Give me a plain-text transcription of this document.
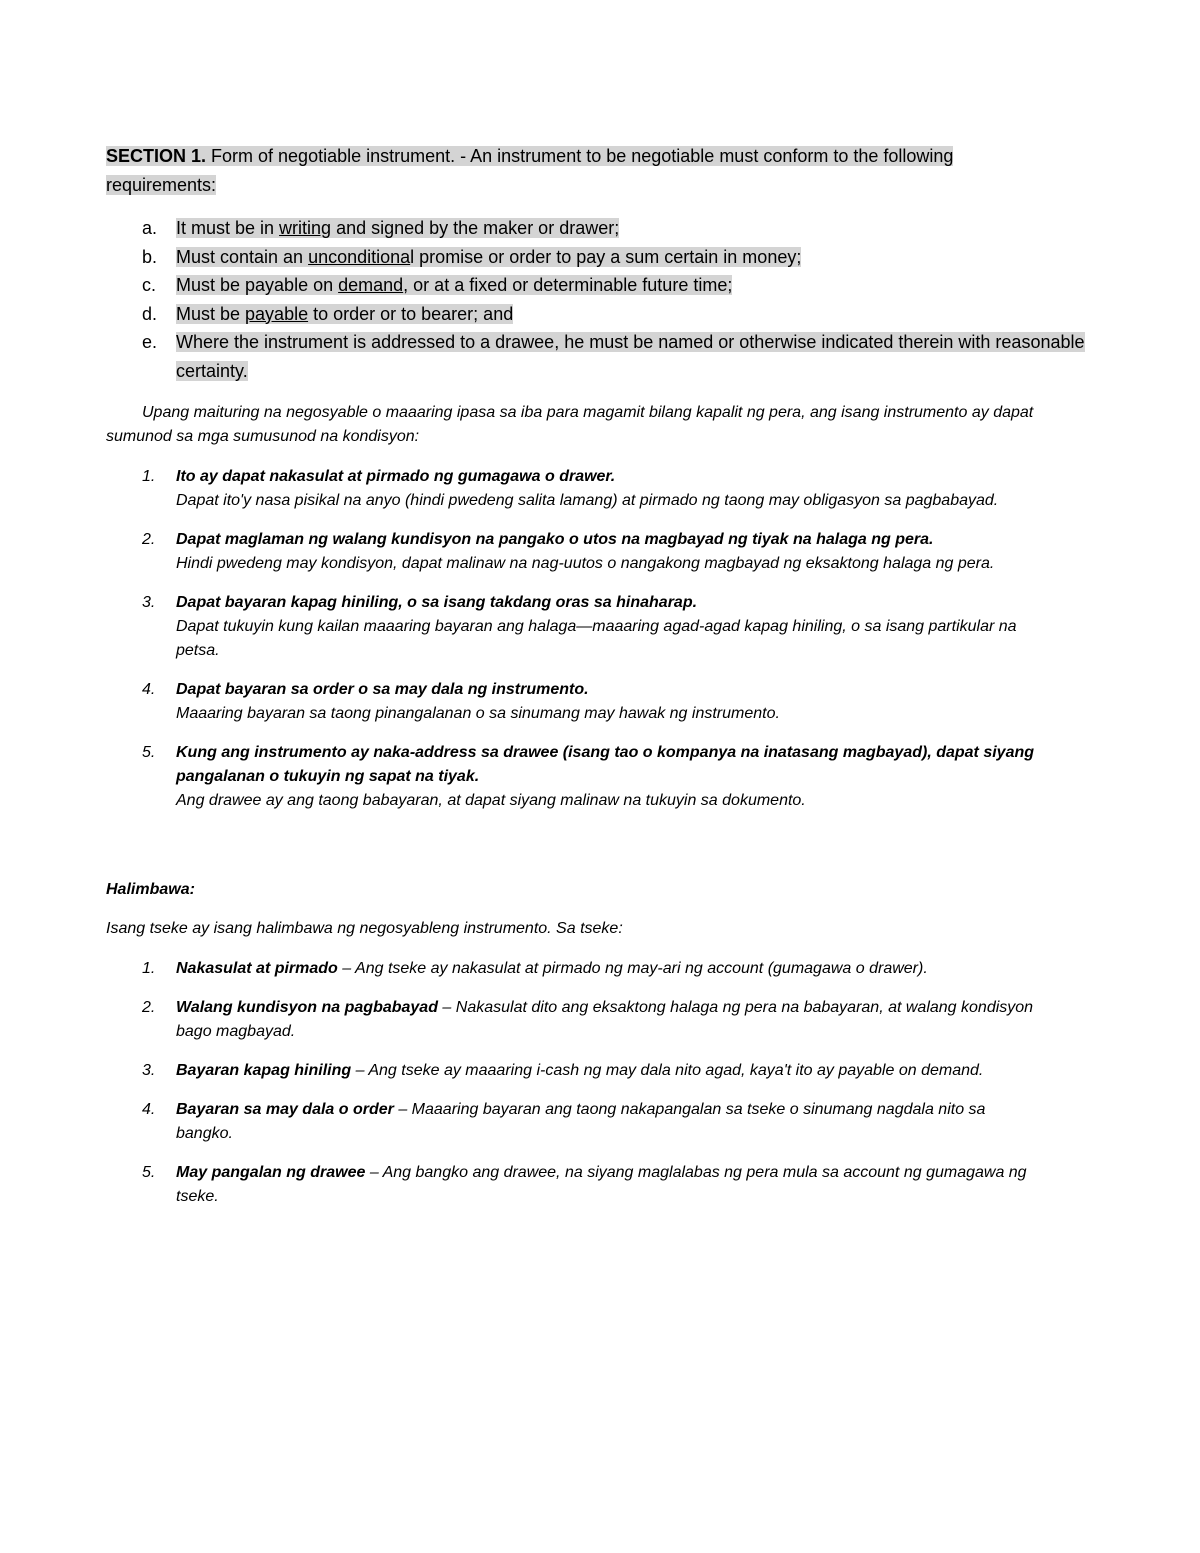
SECTION 1. Form of negotiable instrument. - An instrument to be negotiable must conform to the following requirements:
a. It must be in writing and signed by the maker or drawer;
b. Must contain an unconditional promise or order to pay a sum certain in money;
c. Must be payable on demand, or at a fixed or determinable future time;
d. Must be payable to order or to bearer; and
e. Where the instrument is addressed to a drawee, he must be named or otherwise indicated therein with reasonable certainty.
Upang maituring na negosyable o maaaring ipasa sa iba para magamit bilang kapalit ng pera, ang isang instrumento ay dapat sumunod sa mga sumusunod na kondisyon:
1. Ito ay dapat nakasulat at pirmado ng gumagawa o drawer.
Dapat ito'y nasa pisikal na anyo (hindi pwedeng salita lamang) at pirmado ng taong may obligasyon sa pagbabayad.
2. Dapat maglaman ng walang kundisyon na pangako o utos na magbayad ng tiyak na halaga ng pera.
Hindi pwedeng may kondisyon, dapat malinaw na nag-uutos o nangakong magbayad ng eksaktong halaga ng pera.
3. Dapat bayaran kapag hiniling, o sa isang takdang oras sa hinaharap.
Dapat tukuyin kung kailan maaaring bayaran ang halaga—maaaring agad-agad kapag hiniling, o sa isang partikular na petsa.
4. Dapat bayaran sa order o sa may dala ng instrumento.
Maaaring bayaran sa taong pinangalanan o sa sinumang may hawak ng instrumento.
5. Kung ang instrumento ay naka-address sa drawee (isang tao o kompanya na inatasang magbayad), dapat siyang pangalanan o tukuyin ng sapat na tiyak.
Ang drawee ay ang taong babayaran, at dapat siyang malinaw na tukuyin sa dokumento.
Halimbawa:
Isang tseke ay isang halimbawa ng negosyableng instrumento. Sa tseke:
1. Nakasulat at pirmado – Ang tseke ay nakasulat at pirmado ng may-ari ng account (gumagawa o drawer).
2. Walang kundisyon na pagbabayad – Nakasulat dito ang eksaktong halaga ng pera na babayaran, at walang kondisyon bago magbayad.
3. Bayaran kapag hiniling – Ang tseke ay maaaring i-cash ng may dala nito agad, kaya't ito ay payable on demand.
4. Bayaran sa may dala o order – Maaaring bayaran ang taong nakapangalan sa tseke o sinumang nagdala nito sa bangko.
5. May pangalan ng drawee – Ang bangko ang drawee, na siyang maglalabas ng pera mula sa account ng gumagawa ng tseke.
